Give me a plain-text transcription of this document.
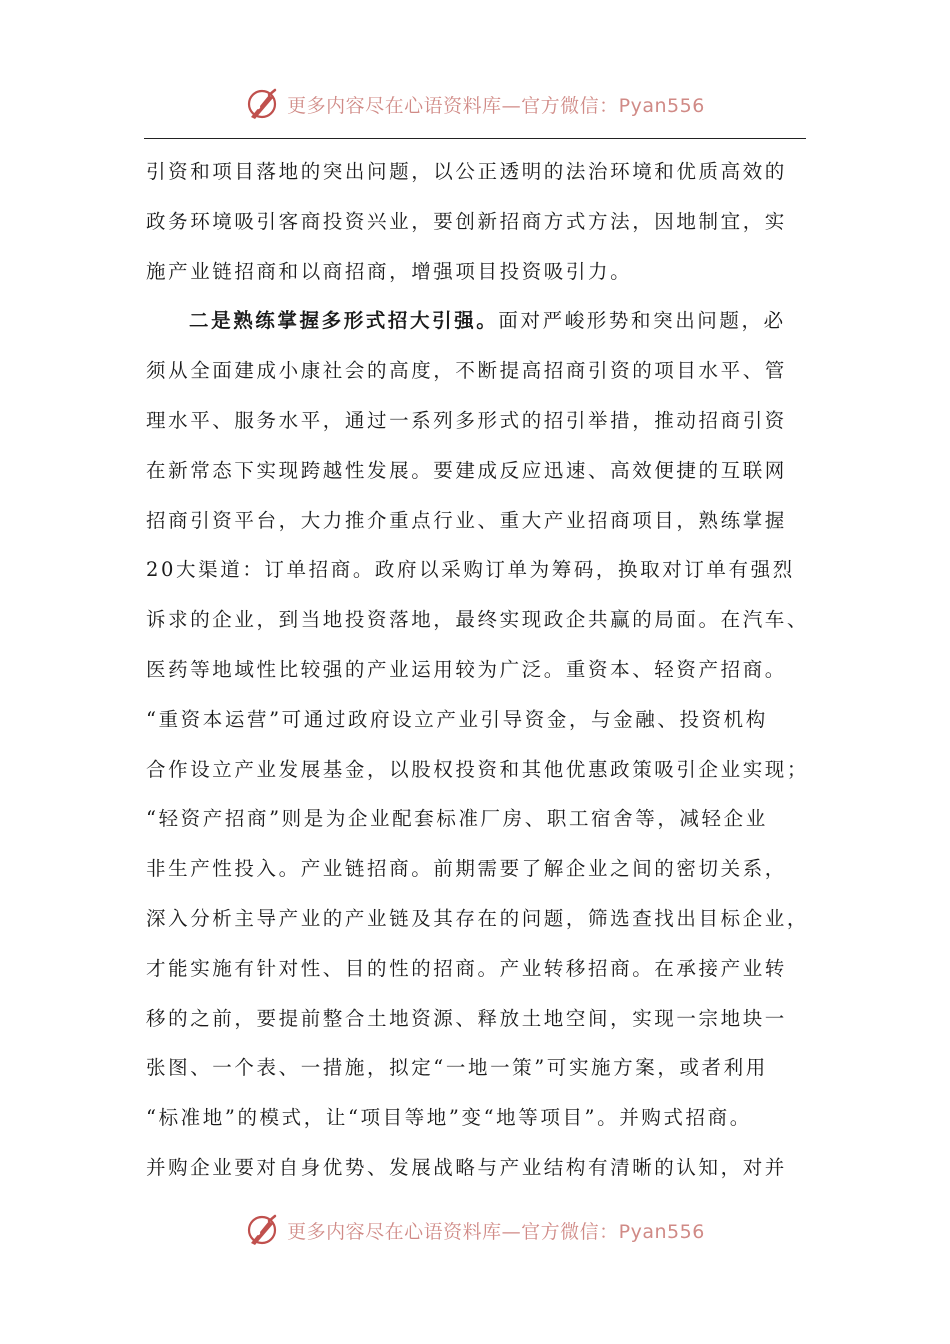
更多内容尽在心语资料库—官方微信：Pyan556
引资和项目落地的突出问题，以公正透明的法治环境和优质高效的
政务环境吸引客商投资兴业，要创新招商方式方法，因地制宜，实
施产业链招商和以商招商，增强项目投资吸引力。
二是熟练掌握多形式招大引强。面对严峻形势和突出问题，必
须从全面建成小康社会的高度，不断提高招商引资的项目水平、管
理水平、服务水平，通过一系列多形式的招引举措，推动招商引资
在新常态下实现跨越性发展。要建成反应迅速、高效便捷的互联网
招商引资平台，大力推介重点行业、重大产业招商项目，熟练掌握
20大渠道：订单招商。政府以采购订单为筹码，换取对订单有强烈
诉求的企业，到当地投资落地，最终实现政企共赢的局面。在汽车、
医药等地域性比较强的产业运用较为广泛。重资本、轻资产招商。
“重资本运营”可通过政府设立产业引导资金，与金融、投资机构
合作设立产业发展基金，以股权投资和其他优惠政策吸引企业实现；
“轻资产招商”则是为企业配套标准厂房、职工宿舍等，减轻企业
非生产性投入。产业链招商。前期需要了解企业之间的密切关系，
深入分析主导产业的产业链及其存在的问题，筛选查找出目标企业，
才能实施有针对性、目的性的招商。产业转移招商。在承接产业转
移的之前，要提前整合土地资源、释放土地空间，实现一宗地块一
张图、一个表、一措施，拟定“一地一策”可实施方案，或者利用
“标准地”的模式，让“项目等地”变“地等项目”。并购式招商。
并购企业要对自身优势、发展战略与产业结构有清晰的认知，对并
更多内容尽在心语资料库—官方微信：Pyan556
